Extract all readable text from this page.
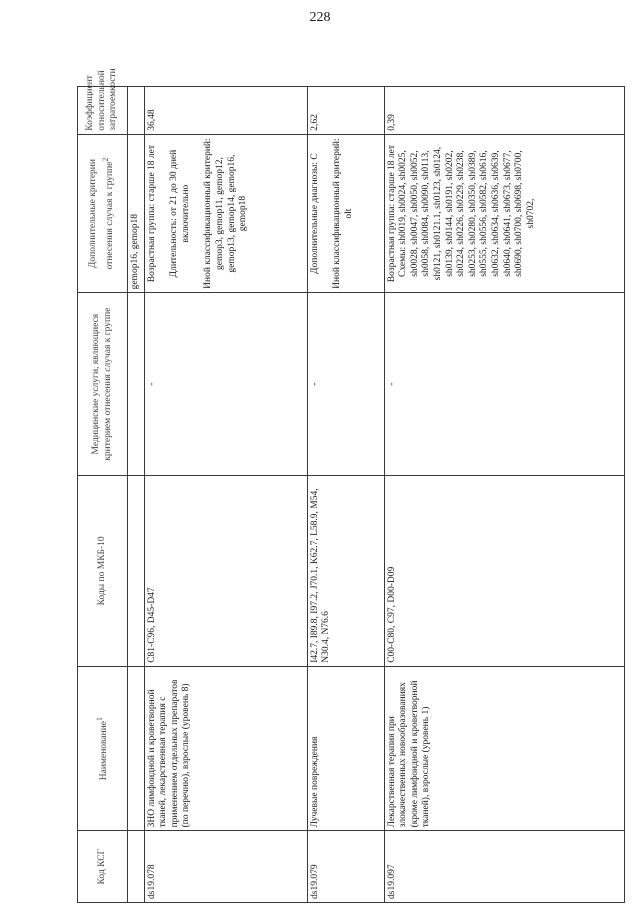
228
Код КСГ	Наименование$^1$	Коды по МКБ-10	Медицинские услуги, являющиеся критерием отнесения случая к группе	Дополнительные критерии отнесения случая к группе$^2$	Коэффициент относительной затратоемкости
				gemop16, gemop18	
ds19.078	ЗНО лимфоидной и кроветворной тканей, лекарственная терапия с применением отдельных препаратов (по перечню), взрослые (уровень 8)	C81-C96, D45-D47	-	Возрастная группа: старше 18 лет Длительность: от 21 до 30 дней включительно Иной классификационный критерий: gemop3, gemop11, gemop12, gemop13, gemop14, gemop16, gemop18	36,48
ds19.079	Лучевые повреждения	I42.7, I89.8, I97.2, J70.1, K62.7, L58.9, M54, N30.4, N76.6	-	Дополнительные диагнозы: C Иной классификационный критерий: olt	2,62
ds19.097	Лекарственная терапия при злокачественных новообразованиях (кроме лимфоидной и кроветворной тканей), взрослые (уровень 1)	C00-C80, C97, D00-D09	-	Возрастная группа: старше 18 лет Схемы: sh0019, sh0024, sh0025, sh0028, sh0047, sh0050, sh0052, sh0058, sh0084, sh0090, sh0113, sh0121, sh0121.1, sh0123, sh0124, sh0139, sh0144, sh0191, sh0202, sh0224, sh0226, sh0229, sh0238, sh0253, sh0280, sh0350, sh0389, sh0555, sh0556, sh0582, sh0616, sh0632, sh0634, sh0636, sh0639, sh0640, sh0641, sh0673, sh0677, sh0690, sh0700, sh0698, sh0700, sh0702,	0,39
